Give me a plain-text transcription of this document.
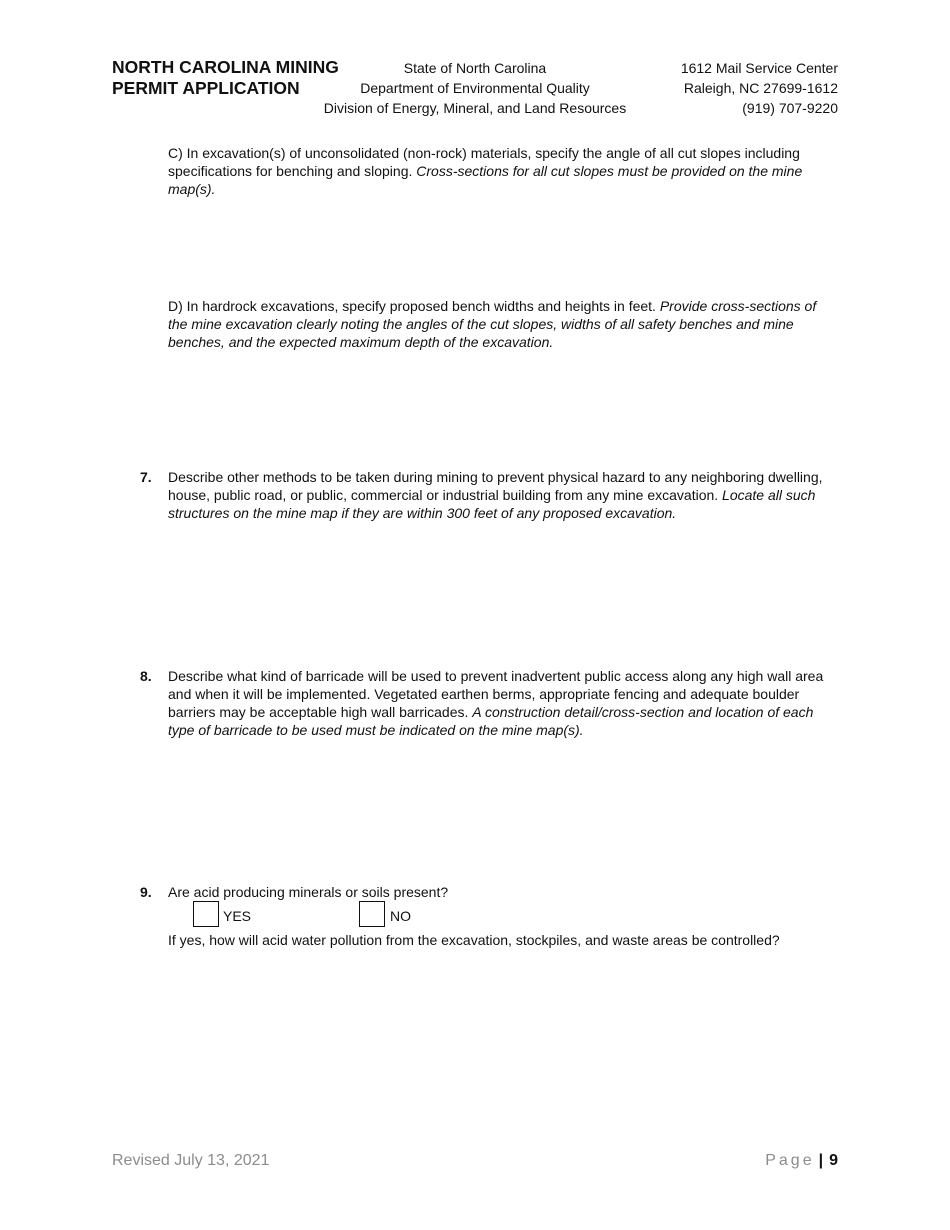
NORTH CAROLINA MINING
PERMIT APPLICATION
State of North Carolina
Department of Environmental Quality
Division of Energy, Mineral, and Land Resources
1612 Mail Service Center
Raleigh, NC 27699-1612
(919) 707-9220
C) In excavation(s) of unconsolidated (non-rock) materials, specify the angle of all cut slopes including specifications for benching and sloping. Cross-sections for all cut slopes must be provided on the mine map(s).
D) In hardrock excavations, specify proposed bench widths and heights in feet. Provide cross-sections of the mine excavation clearly noting the angles of the cut slopes, widths of all safety benches and mine benches, and the expected maximum depth of the excavation.
7. Describe other methods to be taken during mining to prevent physical hazard to any neighboring dwelling, house, public road, or public, commercial or industrial building from any mine excavation. Locate all such structures on the mine map if they are within 300 feet of any proposed excavation.
8. Describe what kind of barricade will be used to prevent inadvertent public access along any high wall area and when it will be implemented. Vegetated earthen berms, appropriate fencing and adequate boulder barriers may be acceptable high wall barricades. A construction detail/cross-section and location of each type of barricade to be used must be indicated on the mine map(s).
9. Are acid producing minerals or soils present?
YES	NO
If yes, how will acid water pollution from the excavation, stockpiles, and waste areas be controlled?
Revised July 13, 2021	Page | 9
